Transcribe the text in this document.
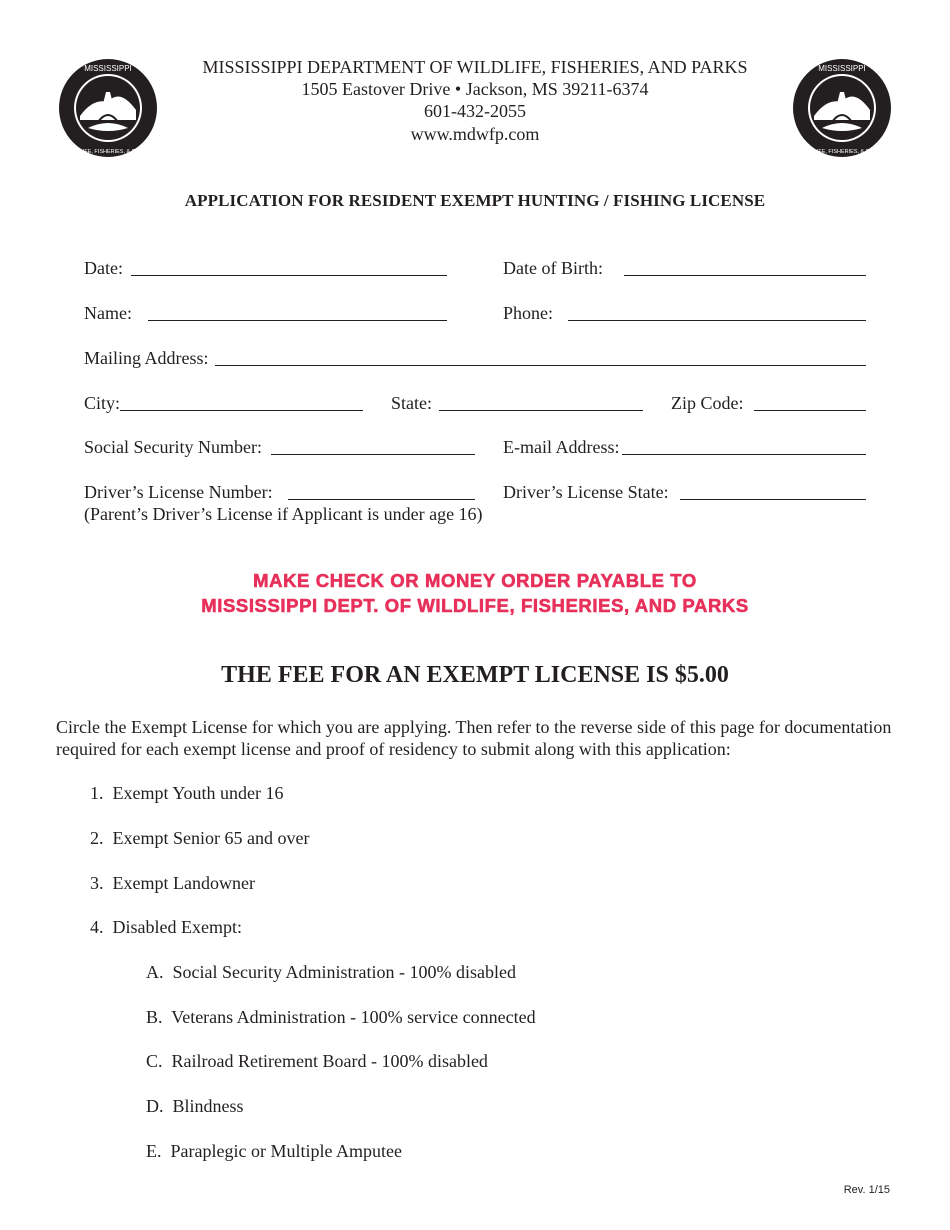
MISSISSIPPI
WILDLIFE, FISHERIES, & PARKS
MISSISSIPPI
WILDLIFE, FISHERIES, & PARKS
MISSISSIPPI DEPARTMENT OF WILDLIFE, FISHERIES, AND PARKS
1505 Eastover Drive • Jackson, MS 39211-6374
601-432-2055
www.mdwfp.com
APPLICATION FOR RESIDENT EXEMPT HUNTING / FISHING LICENSE
Date:	Date of Birth:
Name:	Phone:
Mailing Address:
City:	State:	Zip Code:
Social Security Number:	E-mail Address:
Driver’s License Number:	Driver’s License State:
(Parent’s Driver’s License if Applicant is under age 16)
MAKE CHECK OR MONEY ORDER PAYABLE TO
MISSISSIPPI DEPT. OF WILDLIFE, FISHERIES, AND PARKS
THE FEE FOR AN EXEMPT LICENSE IS $5.00
Circle the Exempt License for which you are applying. Then refer to the reverse side of this page for documentation required for each exempt license and proof of residency to submit along with this application:
1. Exempt Youth under 16
2. Exempt Senior 65 and over
3. Exempt Landowner
4. Disabled Exempt:
A. Social Security Administration - 100% disabled
B. Veterans Administration - 100% service connected
C. Railroad Retirement Board - 100% disabled
D. Blindness
E. Paraplegic or Multiple Amputee
Rev. 1/15
